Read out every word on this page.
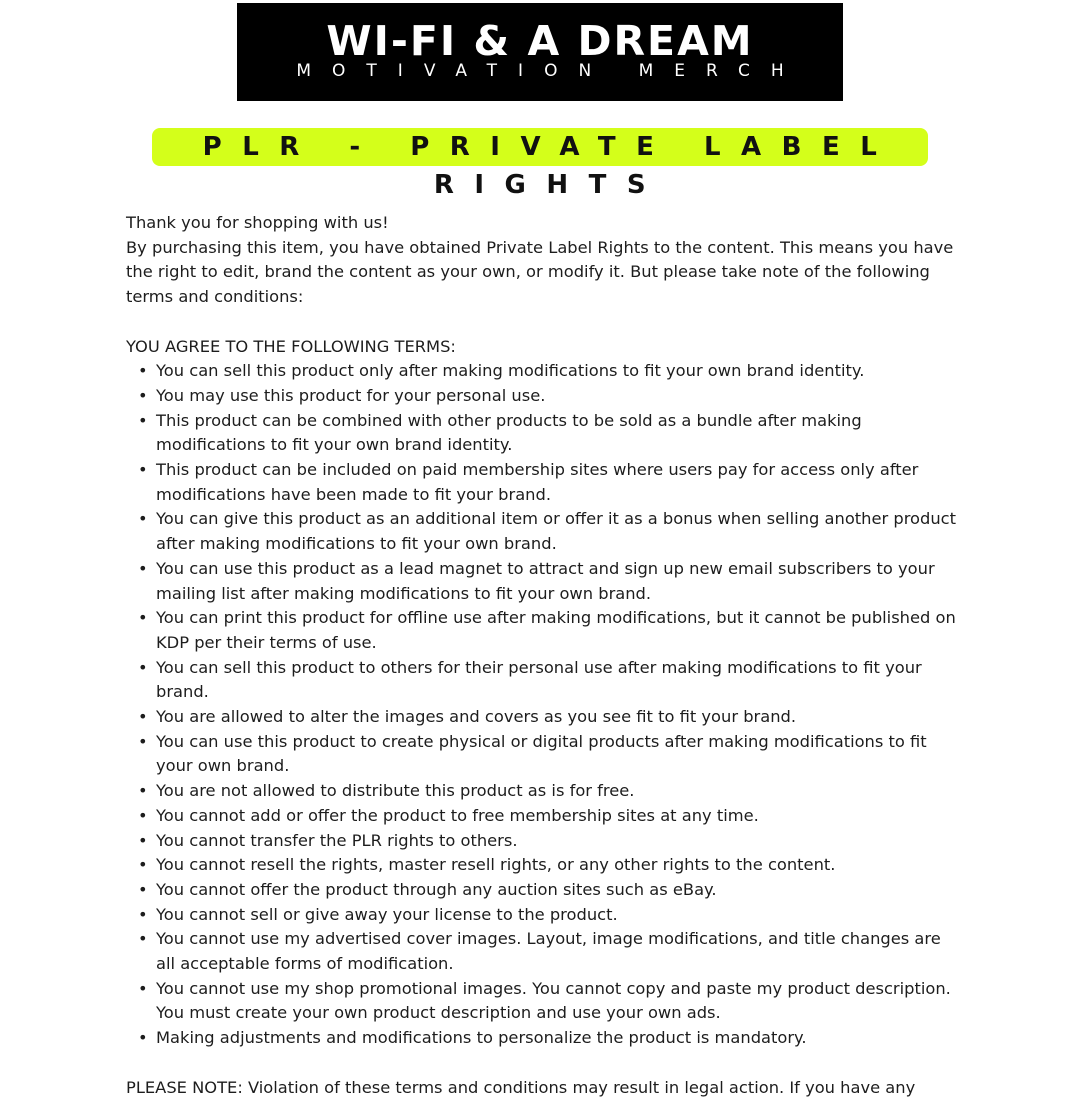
WI-FI & A DREAM
MOTIVATION MERCH
PLR - PRIVATE LABEL RIGHTS

Thank you for shopping with us!

By purchasing this item, you have obtained Private Label Rights to the content. This means you have the right to edit, brand the content as your own, or modify it. But please take note of the following terms and conditions:

YOU AGREE TO THE FOLLOWING TERMS:

• You can sell this product only after making modifications to fit your own brand identity.
• You may use this product for your personal use.
• This product can be combined with other products to be sold as a bundle after making modifications to fit your own brand identity.
• This product can be included on paid membership sites where users pay for access only after modifications have been made to fit your brand.
• You can give this product as an additional item or offer it as a bonus when selling another product after making modifications to fit your own brand.
• You can use this product as a lead magnet to attract and sign up new email subscribers to your mailing list after making modifications to fit your own brand.
• You can print this product for offline use after making modifications, but it cannot be published on KDP per their terms of use.
• You can sell this product to others for their personal use after making modifications to fit your brand.
• You are allowed to alter the images and covers as you see fit to fit your brand.
• You can use this product to create physical or digital products after making modifications to fit your own brand.
• You are not allowed to distribute this product as is for free.
• You cannot add or offer the product to free membership sites at any time.
• You cannot transfer the PLR rights to others.
• You cannot resell the rights, master resell rights, or any other rights to the content.
• You cannot offer the product through any auction sites such as eBay.
• You cannot sell or give away your license to the product.
• You cannot use my advertised cover images. Layout, image modifications, and title changes are all acceptable forms of modification.
• You cannot use my shop promotional images. You cannot copy and paste my product description. You must create your own product description and use your own ads.
• Making adjustments and modifications to personalize the product is mandatory.

PLEASE NOTE: Violation of these terms and conditions may result in legal action. If you have any
